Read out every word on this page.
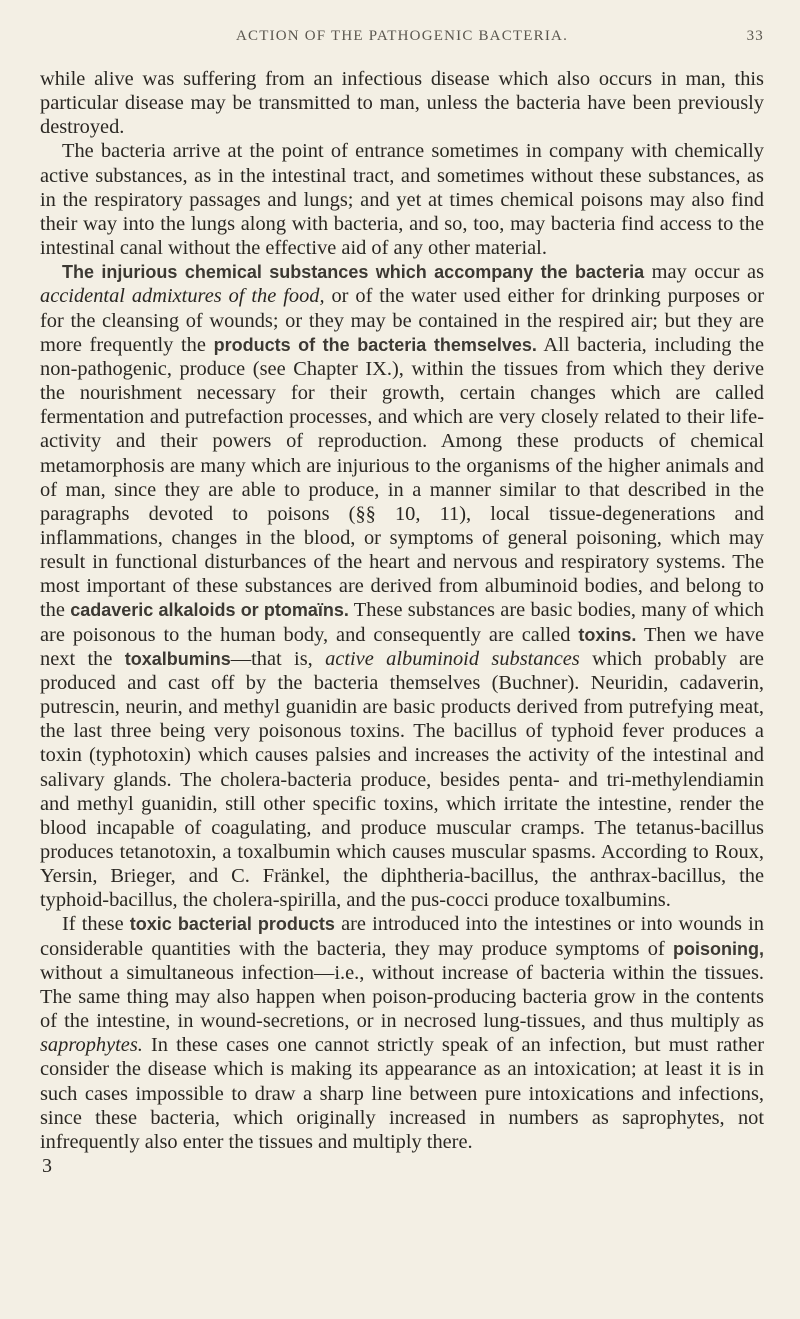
ACTION OF THE PATHOGENIC BACTERIA.	33

while alive was suffering from an infectious disease which also occurs in man, this particular disease may be transmitted to man, unless the bacteria have been previously destroyed.

The bacteria arrive at the point of entrance sometimes in company with chemically active substances, as in the intestinal tract, and sometimes without these substances, as in the respiratory passages and lungs; and yet at times chemical poisons may also find their way into the lungs along with bacteria, and so, too, may bacteria find access to the intestinal canal without the effective aid of any other material.

The injurious chemical substances which accompany the bacteria may occur as accidental admixtures of the food, or of the water used either for drinking purposes or for the cleansing of wounds; or they may be contained in the respired air; but they are more frequently the products of the bacteria themselves. All bacteria, including the non-pathogenic, produce (see Chapter IX.), within the tissues from which they derive the nourishment necessary for their growth, certain changes which are called fermentation and putrefaction processes, and which are very closely related to their life-activity and their powers of reproduction. Among these products of chemical metamorphosis are many which are injurious to the organisms of the higher animals and of man, since they are able to produce, in a manner similar to that described in the paragraphs devoted to poisons (§§ 10, 11), local tissue-degenerations and inflammations, changes in the blood, or symptoms of general poisoning, which may result in functional disturbances of the heart and nervous and respiratory systems. The most important of these substances are derived from albuminoid bodies, and belong to the cadaveric alkaloids or ptomaïns. These substances are basic bodies, many of which are poisonous to the human body, and consequently are called toxins. Then we have next the toxalbumins—that is, active albuminoid substances which probably are produced and cast off by the bacteria themselves (Buchner). Neuridin, cadaverin, putrescin, neurin, and methyl guanidin are basic products derived from putrefying meat, the last three being very poisonous toxins. The bacillus of typhoid fever produces a toxin (typhotoxin) which causes palsies and increases the activity of the intestinal and salivary glands. The cholera-bacteria produce, besides penta- and tri-methylendiamin and methyl guanidin, still other specific toxins, which irritate the intestine, render the blood incapable of coagulating, and produce muscular cramps. The tetanus-bacillus produces tetanotoxin, a toxalbumin which causes muscular spasms. According to Roux, Yersin, Brieger, and C. Fränkel, the diphtheria-bacillus, the anthrax-bacillus, the typhoid-bacillus, the cholera-spirilla, and the pus-cocci produce toxalbumins.

If these toxic bacterial products are introduced into the intestines or into wounds in considerable quantities with the bacteria, they may produce symptoms of poisoning, without a simultaneous infection—i.e., without increase of bacteria within the tissues. The same thing may also happen when poison-producing bacteria grow in the contents of the intestine, in wound-secretions, or in necrosed lung-tissues, and thus multiply as saprophytes. In these cases one cannot strictly speak of an infection, but must rather consider the disease which is making its appearance as an intoxication; at least it is in such cases impossible to draw a sharp line between pure intoxications and infections, since these bacteria, which originally increased in numbers as saprophytes, not infrequently also enter the tissues and multiply there.

3
